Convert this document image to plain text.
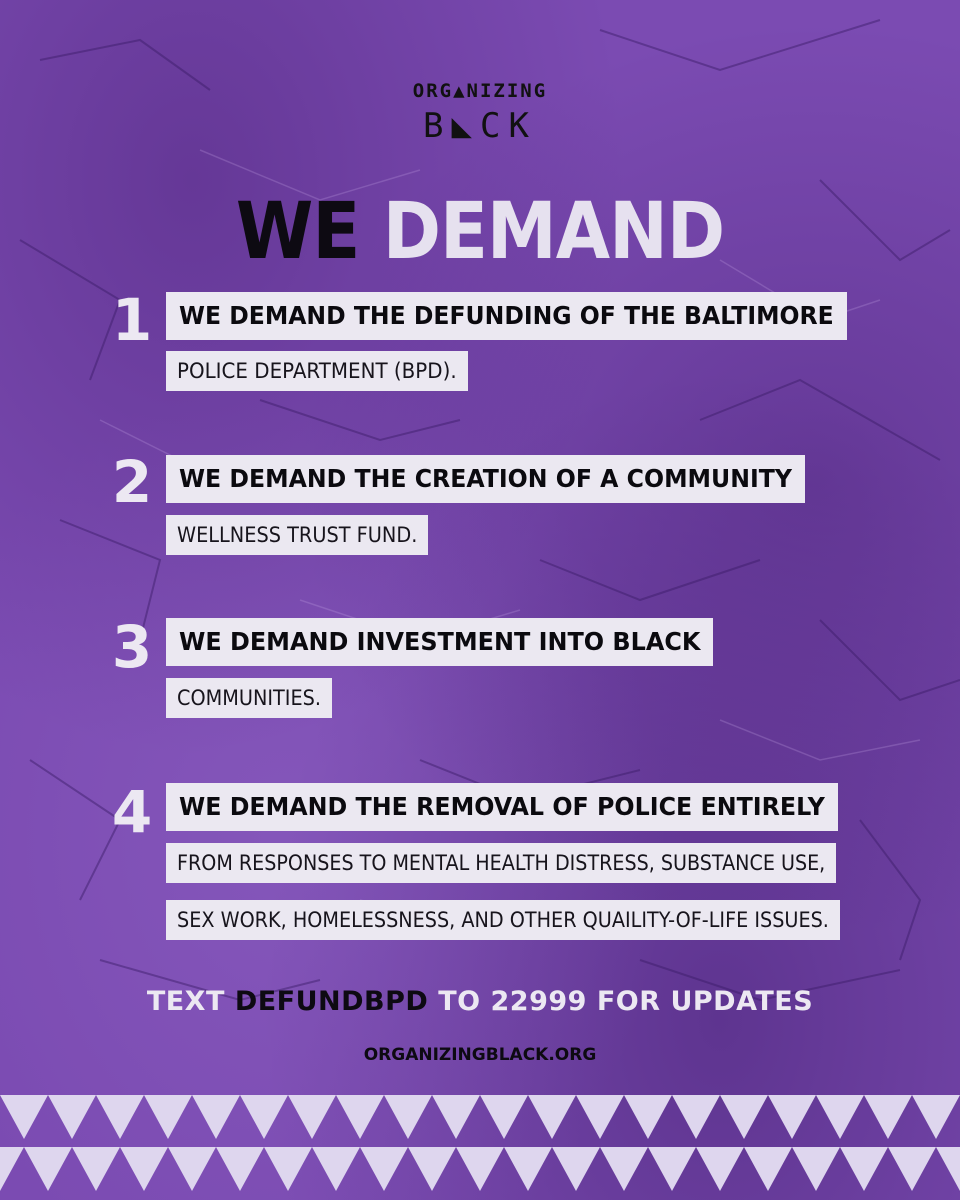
ORG▲NIZING
B◣CK
WE DEMAND
1	WE DEMAND THE DEFUNDING OF THE BALTIMORE
POLICE DEPARTMENT (BPD).
2	WE DEMAND THE CREATION OF A COMMUNITY
WELLNESS TRUST FUND.
3	WE DEMAND INVESTMENT INTO BLACK
COMMUNITIES.
4	WE DEMAND THE REMOVAL OF POLICE ENTIRELY
FROM RESPONSES TO MENTAL HEALTH DISTRESS, SUBSTANCE USE,
SEX WORK, HOMELESSNESS, AND OTHER QUAILITY-OF-LIFE ISSUES.
TEXT DEFUNDBPD TO 22999 FOR UPDATES
ORGANIZINGBLACK.ORG
